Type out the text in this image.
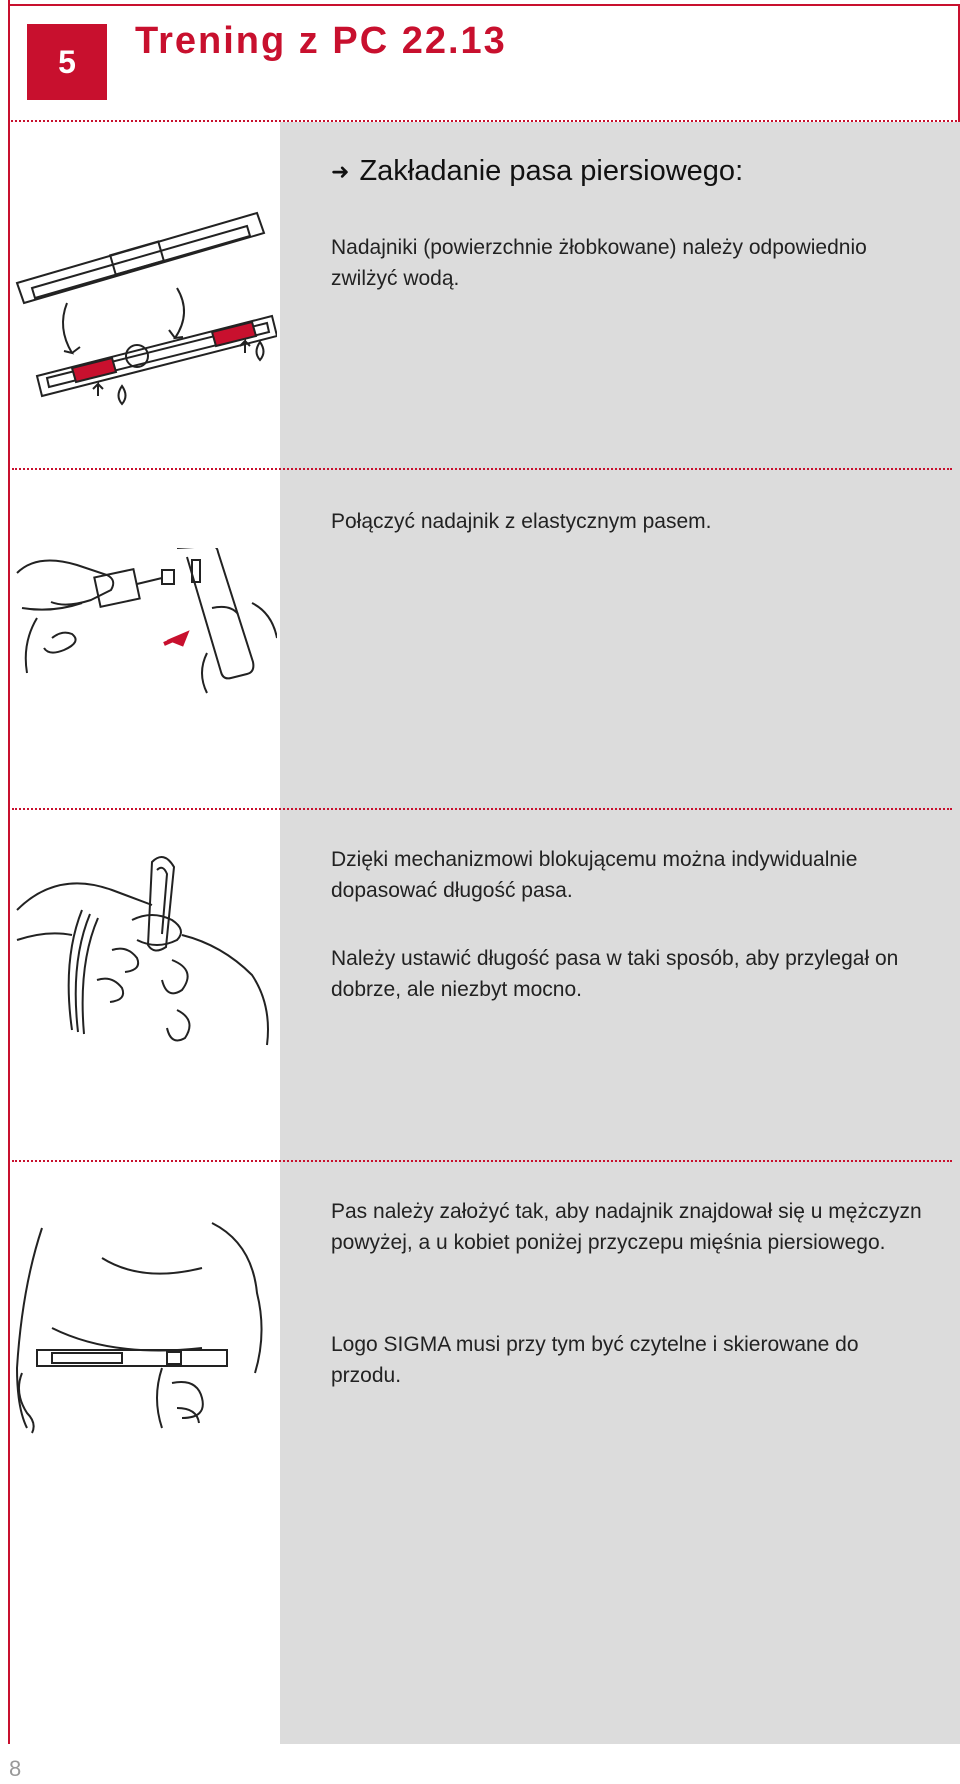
5	Trening z PC 22.13
➜ Zakładanie pasa piersiowego:
Nadajniki (powierzchnie żłobkowane) należy odpowiednio zwilżyć wodą.
Połączyć nadajnik z elastycznym pasem.
Dzięki mechanizmowi blokującemu można indywidualnie dopasować długość pasa.
Należy ustawić długość pasa w taki sposób, aby przylegał on dobrze, ale niezbyt mocno.
Pas należy założyć tak, aby nadajnik znajdował się u mężczyzn powyżej, a u kobiet poniżej przyczepu mięśnia piersiowego.
Logo SIGMA musi przy tym być czytelne i skierowane do przodu.
8
